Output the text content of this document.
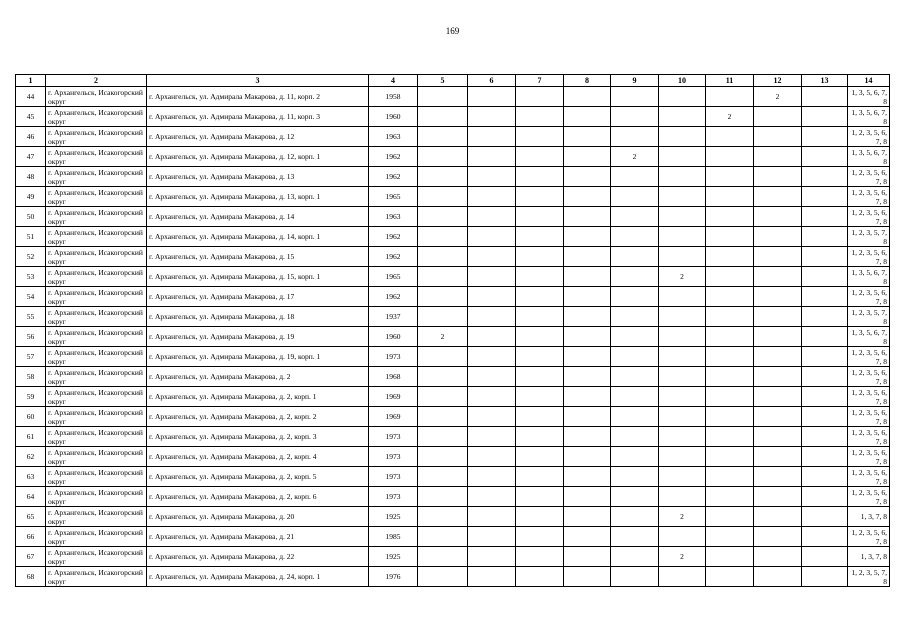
169
1	2	3	4	5	6	7	8	9	10	11	12	13	14
44	г. Архангельск, Исакогорский округ	г. Архангельск, ул. Адмирала Макарова, д. 11, корп. 2	1958								2		1, 3, 5, 6, 7, 8
45	г. Архангельск, Исакогорский округ	г. Архангельск, ул. Адмирала Макарова, д. 11, корп. 3	1960							2			1, 3, 5, 6, 7, 8
46	г. Архангельск, Исакогорский округ	г. Архангельск, ул. Адмирала Макарова, д. 12	1963										1, 2, 3, 5, 6, 7, 8
47	г. Архангельск, Исакогорский округ	г. Архангельск, ул. Адмирала Макарова, д. 12, корп. 1	1962					2					1, 3, 5, 6, 7, 8
48	г. Архангельск, Исакогорский округ	г. Архангельск, ул. Адмирала Макарова, д. 13	1962										1, 2, 3, 5, 6, 7, 8
49	г. Архангельск, Исакогорский округ	г. Архангельск, ул. Адмирала Макарова, д. 13, корп. 1	1965										1, 2, 3, 5, 6, 7, 8
50	г. Архангельск, Исакогорский округ	г. Архангельск, ул. Адмирала Макарова, д. 14	1963										1, 2, 3, 5, 6, 7, 8
51	г. Архангельск, Исакогорский округ	г. Архангельск, ул. Адмирала Макарова, д. 14, корп. 1	1962										1, 2, 3, 5, 7, 8
52	г. Архангельск, Исакогорский округ	г. Архангельск, ул. Адмирала Макарова, д. 15	1962										1, 2, 3, 5, 6, 7, 8
53	г. Архангельск, Исакогорский округ	г. Архангельск, ул. Адмирала Макарова, д. 15, корп. 1	1965						2				1, 3, 5, 6, 7, 8
54	г. Архангельск, Исакогорский округ	г. Архангельск, ул. Адмирала Макарова, д. 17	1962										1, 2, 3, 5, 6, 7, 8
55	г. Архангельск, Исакогорский округ	г. Архангельск, ул. Адмирала Макарова, д. 18	1937										1, 2, 3, 5, 7, 8
56	г. Архангельск, Исакогорский округ	г. Архангельск, ул. Адмирала Макарова, д. 19	1960	2									1, 3, 5, 6, 7, 8
57	г. Архангельск, Исакогорский округ	г. Архангельск, ул. Адмирала Макарова, д. 19, корп. 1	1973										1, 2, 3, 5, 6, 7, 8
58	г. Архангельск, Исакогорский округ	г. Архангельск, ул. Адмирала Макарова, д. 2	1968										1, 2, 3, 5, 6, 7, 8
59	г. Архангельск, Исакогорский округ	г. Архангельск, ул. Адмирала Макарова, д. 2, корп. 1	1969										1, 2, 3, 5, 6, 7, 8
60	г. Архангельск, Исакогорский округ	г. Архангельск, ул. Адмирала Макарова, д. 2, корп. 2	1969										1, 2, 3, 5, 6, 7, 8
61	г. Архангельск, Исакогорский округ	г. Архангельск, ул. Адмирала Макарова, д. 2, корп. 3	1973										1, 2, 3, 5, 6, 7, 8
62	г. Архангельск, Исакогорский округ	г. Архангельск, ул. Адмирала Макарова, д. 2, корп. 4	1973										1, 2, 3, 5, 6, 7, 8
63	г. Архангельск, Исакогорский округ	г. Архангельск, ул. Адмирала Макарова, д. 2, корп. 5	1973										1, 2, 3, 5, 6, 7, 8
64	г. Архангельск, Исакогорский округ	г. Архангельск, ул. Адмирала Макарова, д. 2, корп. 6	1973										1, 2, 3, 5, 6, 7, 8
65	г. Архангельск, Исакогорский округ	г. Архангельск, ул. Адмирала Макарова, д. 20	1925						2				1, 3, 7, 8
66	г. Архангельск, Исакогорский округ	г. Архангельск, ул. Адмирала Макарова, д. 21	1985										1, 2, 3, 5, 6, 7, 8
67	г. Архангельск, Исакогорский округ	г. Архангельск, ул. Адмирала Макарова, д. 22	1925						2				1, 3, 7, 8
68	г. Архангельск, Исакогорский округ	г. Архангельск, ул. Адмирала Макарова, д. 24, корп. 1	1976										1, 2, 3, 5, 7, 8
